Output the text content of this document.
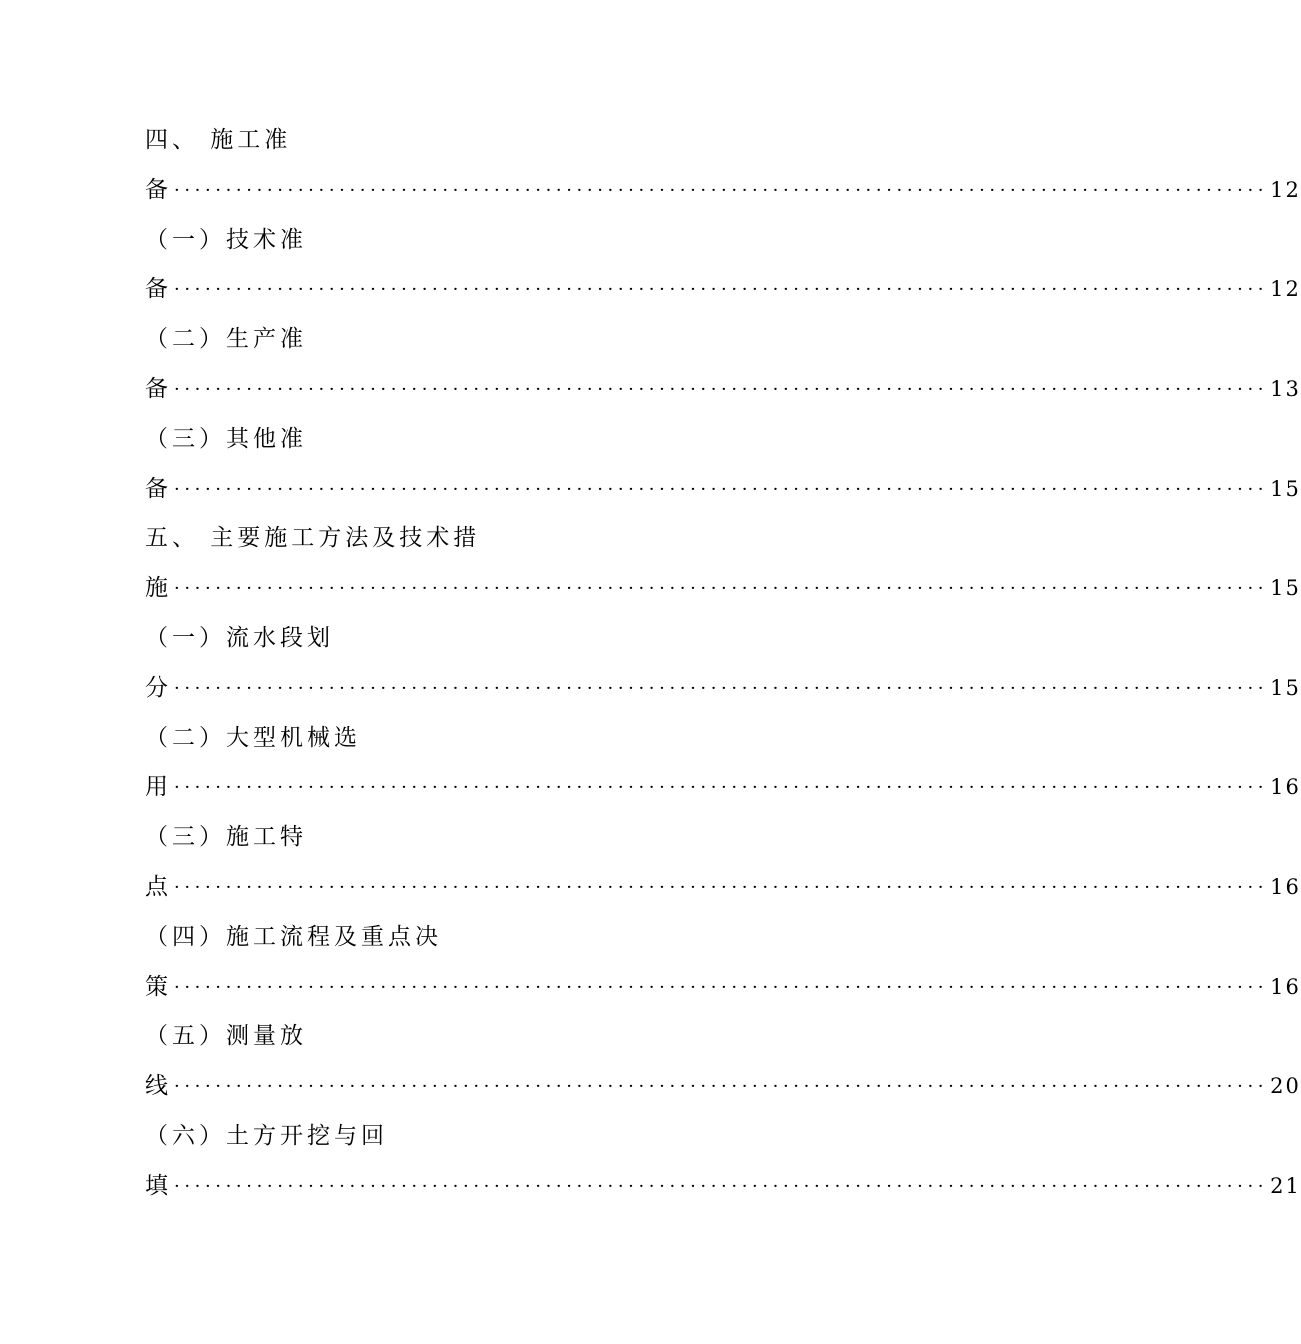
四、 施工准
备 ·········································································································· 12
（一）技术准
备 ·········································································································· 12
（二）生产准
备 ·········································································································· 13
（三）其他准
备 ·········································································································· 15
五、 主要施工方法及技术措
施 ·········································································································· 15
（一）流水段划
分 ·········································································································· 15
（二）大型机械选
用 ·········································································································· 16
（三）施工特
点 ·········································································································· 16
（四）施工流程及重点决
策 ·········································································································· 16
（五）测量放
线 ·········································································································· 20
（六）土方开挖与回
填 ·········································································································· 21
